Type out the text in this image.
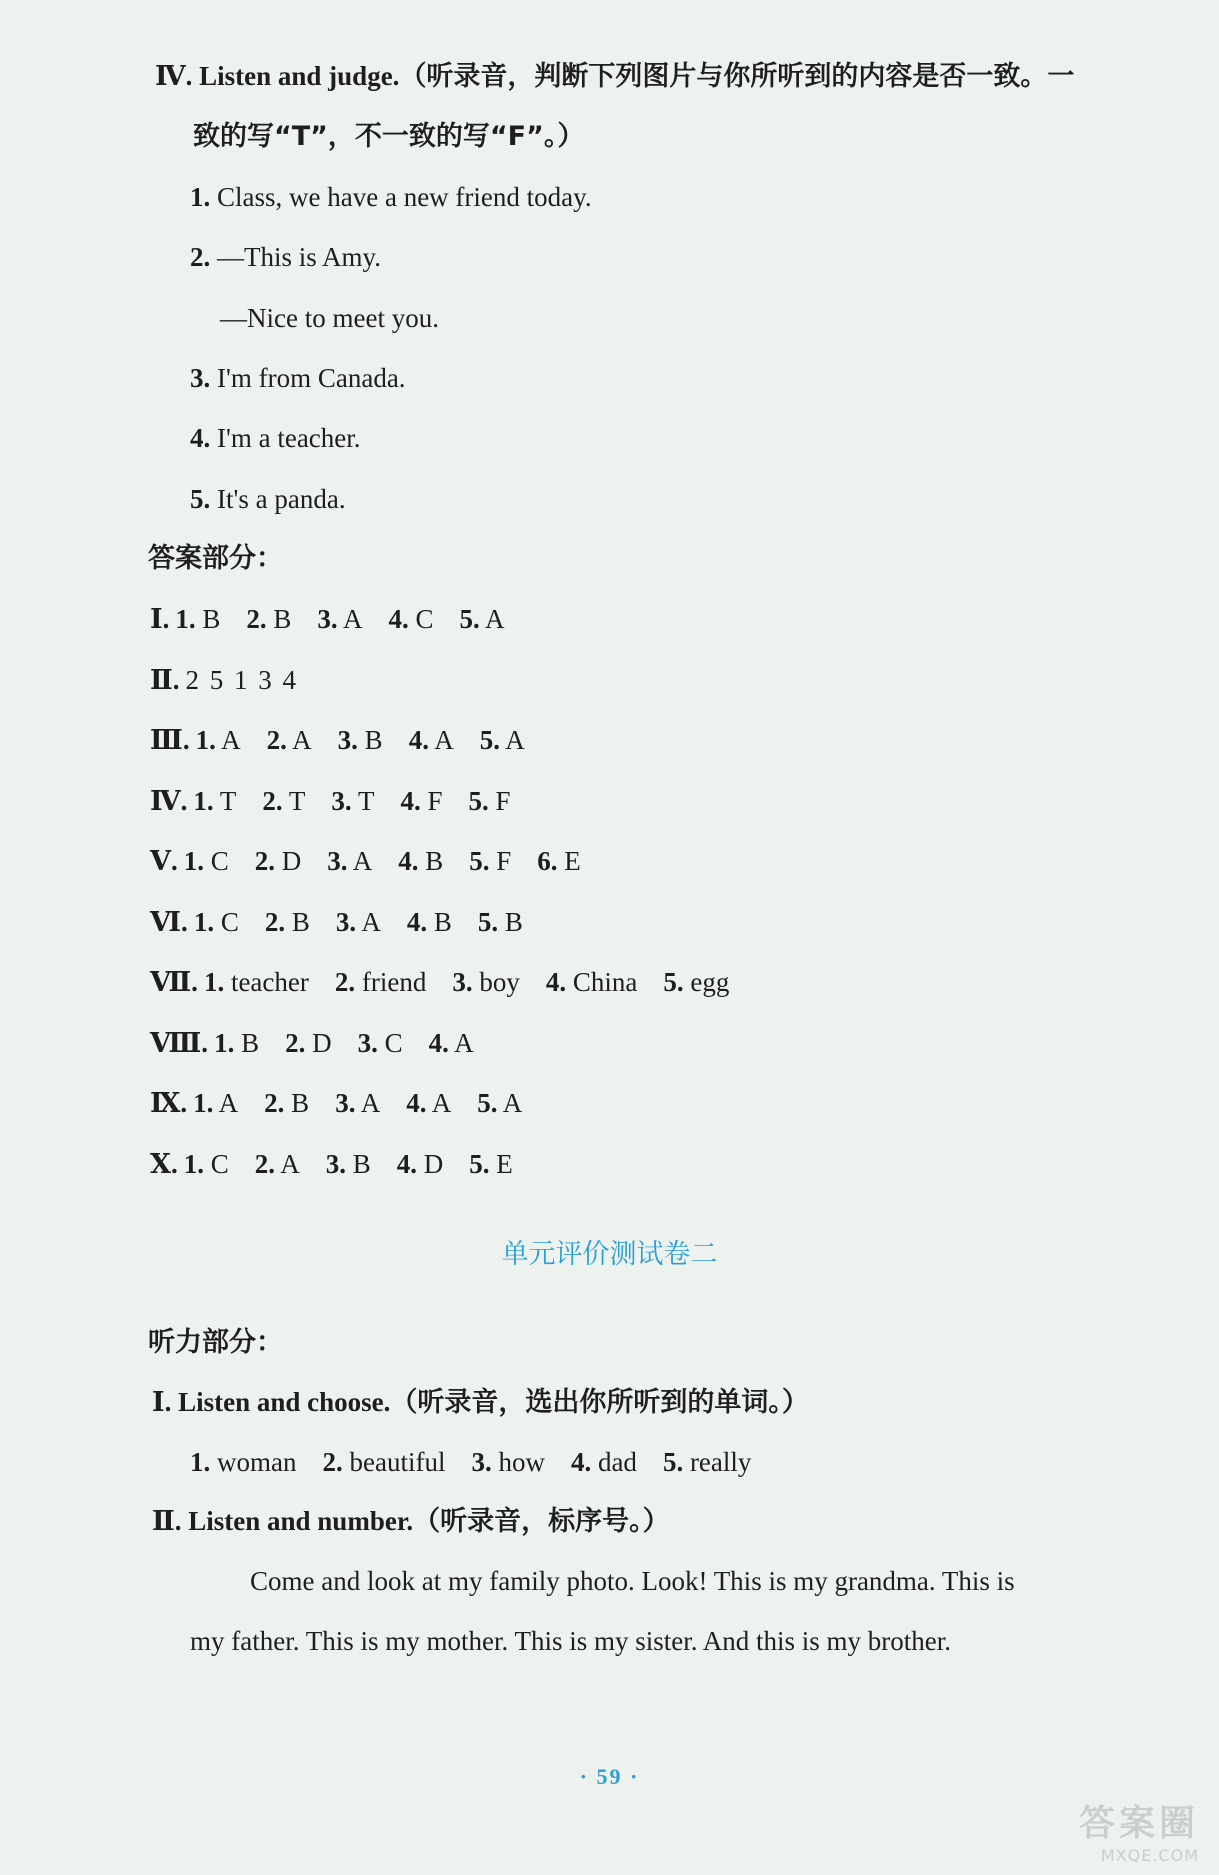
Ⅳ. Listen and judge.（听录音，判断下列图片与你所听到的内容是否一致。一
致的写“T”，不一致的写“F”。）
1. Class, we have a new friend today.
2. —This is Amy.
—Nice to meet you.
3. I'm from Canada.
4. I'm a teacher.
5. It's a panda.
答案部分：
Ⅰ. 1. B 2. B 3. A 4. C 5. A
Ⅱ. 2 5 1 3 4
Ⅲ. 1. A 2. A 3. B 4. A 5. A
Ⅳ. 1. T 2. T 3. T 4. F 5. F
Ⅴ. 1. C 2. D 3. A 4. B 5. F 6. E
Ⅵ. 1. C 2. B 3. A 4. B 5. B
Ⅶ. 1. teacher 2. friend 3. boy 4. China 5. egg
Ⅷ. 1. B 2. D 3. C 4. A
Ⅸ. 1. A 2. B 3. A 4. A 5. A
Ⅹ. 1. C 2. A 3. B 4. D 5. E
单元评价测试卷二
听力部分：
Ⅰ. Listen and choose.（听录音，选出你所听到的单词。）
1. woman 2. beautiful 3. how 4. dad 5. really
Ⅱ. Listen and number.（听录音，标序号。）
Come and look at my family photo. Look! This is my grandma. This is
my father. This is my mother. This is my sister. And this is my brother.
· 59 ·
答案圈
MXQE.COM
